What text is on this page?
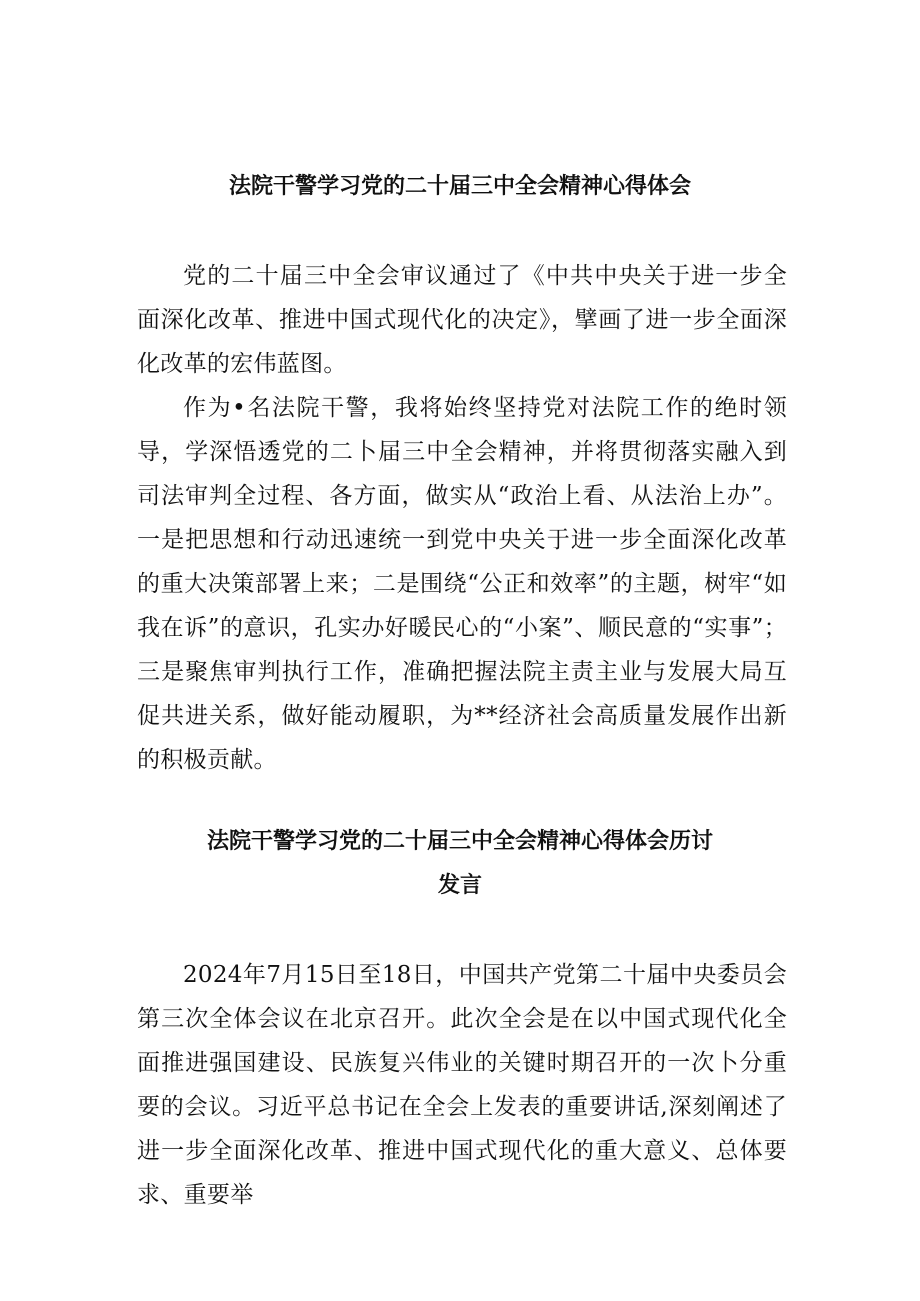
法院干警学习党的二十届三中全会精神心得体会

党的二十届三中全会审议通过了《中共中央关于进一步全面深化改革、推进中国式现代化的决定》，擘画了进一步全面深化改革的宏伟蓝图。

作为•名法院干警，我将始终坚持党对法院工作的绝时领导，学深悟透党的二卜届三中全会精神，并将贯彻落实融入到司法审判全过程、各方面，做实从“政治上看、从法治上办”。一是把思想和行动迅速统一到党中央关于进一步全面深化改革的重大决策部署上来；二是围绕“公正和效率”的主题，树牢“如我在诉”的意识，孔实办好暖民心的“小案”、顺民意的“实事”；三是聚焦审判执行工作，准确把握法院主责主业与发展大局互促共进关系，做好能动履职，为**经济社会高质量发展作出新的积极贡献。

法院干警学习党的二十届三中全会精神心得体会历讨
发言

2024年7月15日至18日，中国共产党第二十届中央委员会第三次全体会议在北京召开。此次全会是在以中国式现代化全面推进强国建设、民族复兴伟业的关键时期召开的一次卜分重要的会议。习近平总书记在全会上发表的重要讲话,深刻阐述了进一步全面深化改革、推进中国式现代化的重大意义、总体要求、重要举
